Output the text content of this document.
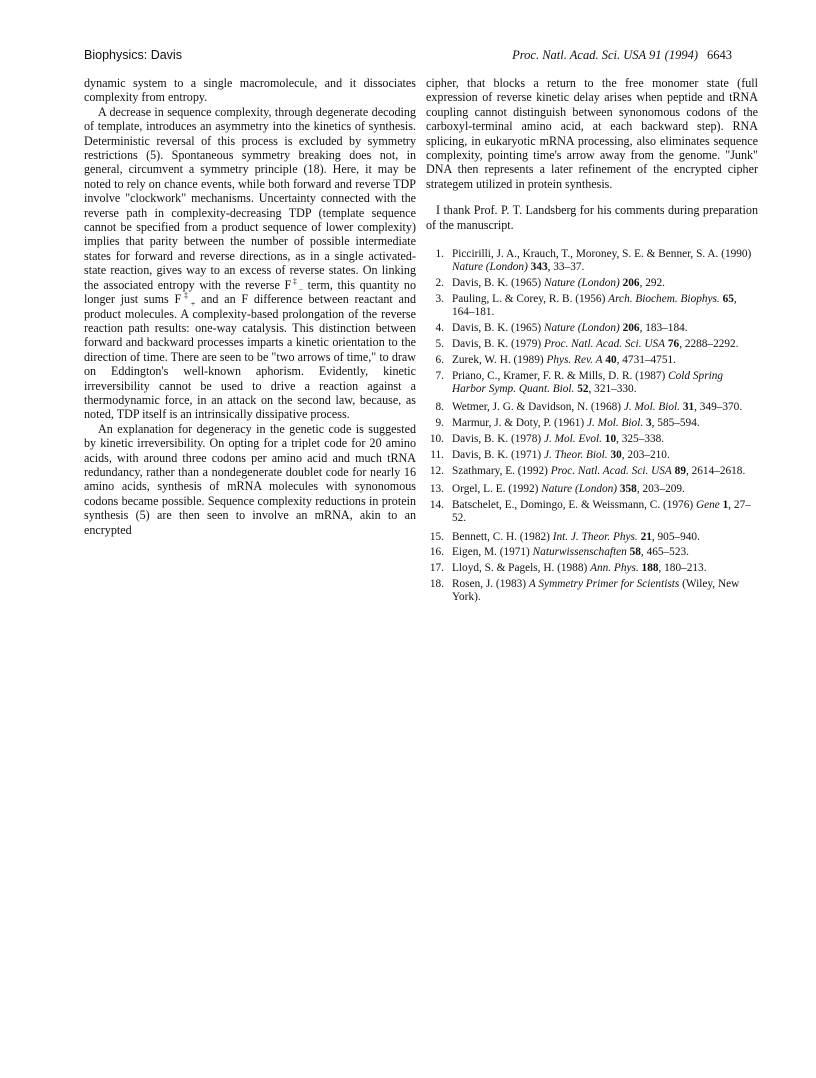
Biophysics: Davis	Proc. Natl. Acad. Sci. USA 91 (1994) 6643

dynamic system to a single macromolecule, and it dissociates complexity from entropy.

A decrease in sequence complexity, through degenerate decoding of template, introduces an asymmetry into the kinetics of synthesis. Deterministic reversal of this process is excluded by symmetry restrictions (5). Spontaneous symmetry breaking does not, in general, circumvent a symmetry principle (18). Here, it may be noted to rely on chance events, while both forward and reverse TDP involve "clockwork" mechanisms. Uncertainty connected with the reverse path in complexity-decreasing TDP (template sequence cannot be specified from a product sequence of lower complexity) implies that parity between the number of possible intermediate states for forward and reverse directions, as in a single activated-state reaction, gives way to an excess of reverse states. On linking the associated entropy with the reverse $F^\ddagger_-$ term, this quantity no longer just sums $F^\ddagger_+$ and an F difference between reactant and product molecules. A complexity-based prolongation of the reverse reaction path results: one-way catalysis. This distinction between forward and backward processes imparts a kinetic orientation to the direction of time. There are seen to be "two arrows of time," to draw on Eddington's well-known aphorism. Evidently, kinetic irreversibility cannot be used to drive a reaction against a thermodynamic force, in an attack on the second law, because, as noted, TDP itself is an intrinsically dissipative process.

An explanation for degeneracy in the genetic code is suggested by kinetic irreversibility. On opting for a triplet code for 20 amino acids, with around three codons per amino acid and much tRNA redundancy, rather than a nondegenerate doublet code for nearly 16 amino acids, synthesis of mRNA molecules with synonomous codons became possible. Sequence complexity reductions in protein synthesis (5) are then seen to involve an mRNA, akin to an encrypted

cipher, that blocks a return to the free monomer state (full expression of reverse kinetic delay arises when peptide and tRNA coupling cannot distinguish between synonomous codons of the carboxyl-terminal amino acid, at each backward step). RNA splicing, in eukaryotic mRNA processing, also eliminates sequence complexity, pointing time's arrow away from the genome. "Junk" DNA then represents a later refinement of the encrypted cipher strategem utilized in protein synthesis.

I thank Prof. P. T. Landsberg for his comments during preparation of the manuscript.

1. Piccirilli, J. A., Krauch, T., Moroney, S. E. & Benner, S. A. (1990) Nature (London) 343, 33–37.
2. Davis, B. K. (1965) Nature (London) 206, 292.
3. Pauling, L. & Corey, R. B. (1956) Arch. Biochem. Biophys. 65, 164–181.
4. Davis, B. K. (1965) Nature (London) 206, 183–184.
5. Davis, B. K. (1979) Proc. Natl. Acad. Sci. USA 76, 2288–2292.
6. Zurek, W. H. (1989) Phys. Rev. A 40, 4731–4751.
7. Priano, C., Kramer, F. R. & Mills, D. R. (1987) Cold Spring Harbor Symp. Quant. Biol. 52, 321–330.
8. Wetmer, J. G. & Davidson, N. (1968) J. Mol. Biol. 31, 349–370.
9. Marmur, J. & Doty, P. (1961) J. Mol. Biol. 3, 585–594.
10. Davis, B. K. (1978) J. Mol. Evol. 10, 325–338.
11. Davis, B. K. (1971) J. Theor. Biol. 30, 203–210.
12. Szathmary, E. (1992) Proc. Natl. Acad. Sci. USA 89, 2614–2618.
13. Orgel, L. E. (1992) Nature (London) 358, 203–209.
14. Batschelet, E., Domingo, E. & Weissmann, C. (1976) Gene 1, 27–52.
15. Bennett, C. H. (1982) Int. J. Theor. Phys. 21, 905–940.
16. Eigen, M. (1971) Naturwissenschaften 58, 465–523.
17. Lloyd, S. & Pagels, H. (1988) Ann. Phys. 188, 180–213.
18. Rosen, J. (1983) A Symmetry Primer for Scientists (Wiley, New York).
